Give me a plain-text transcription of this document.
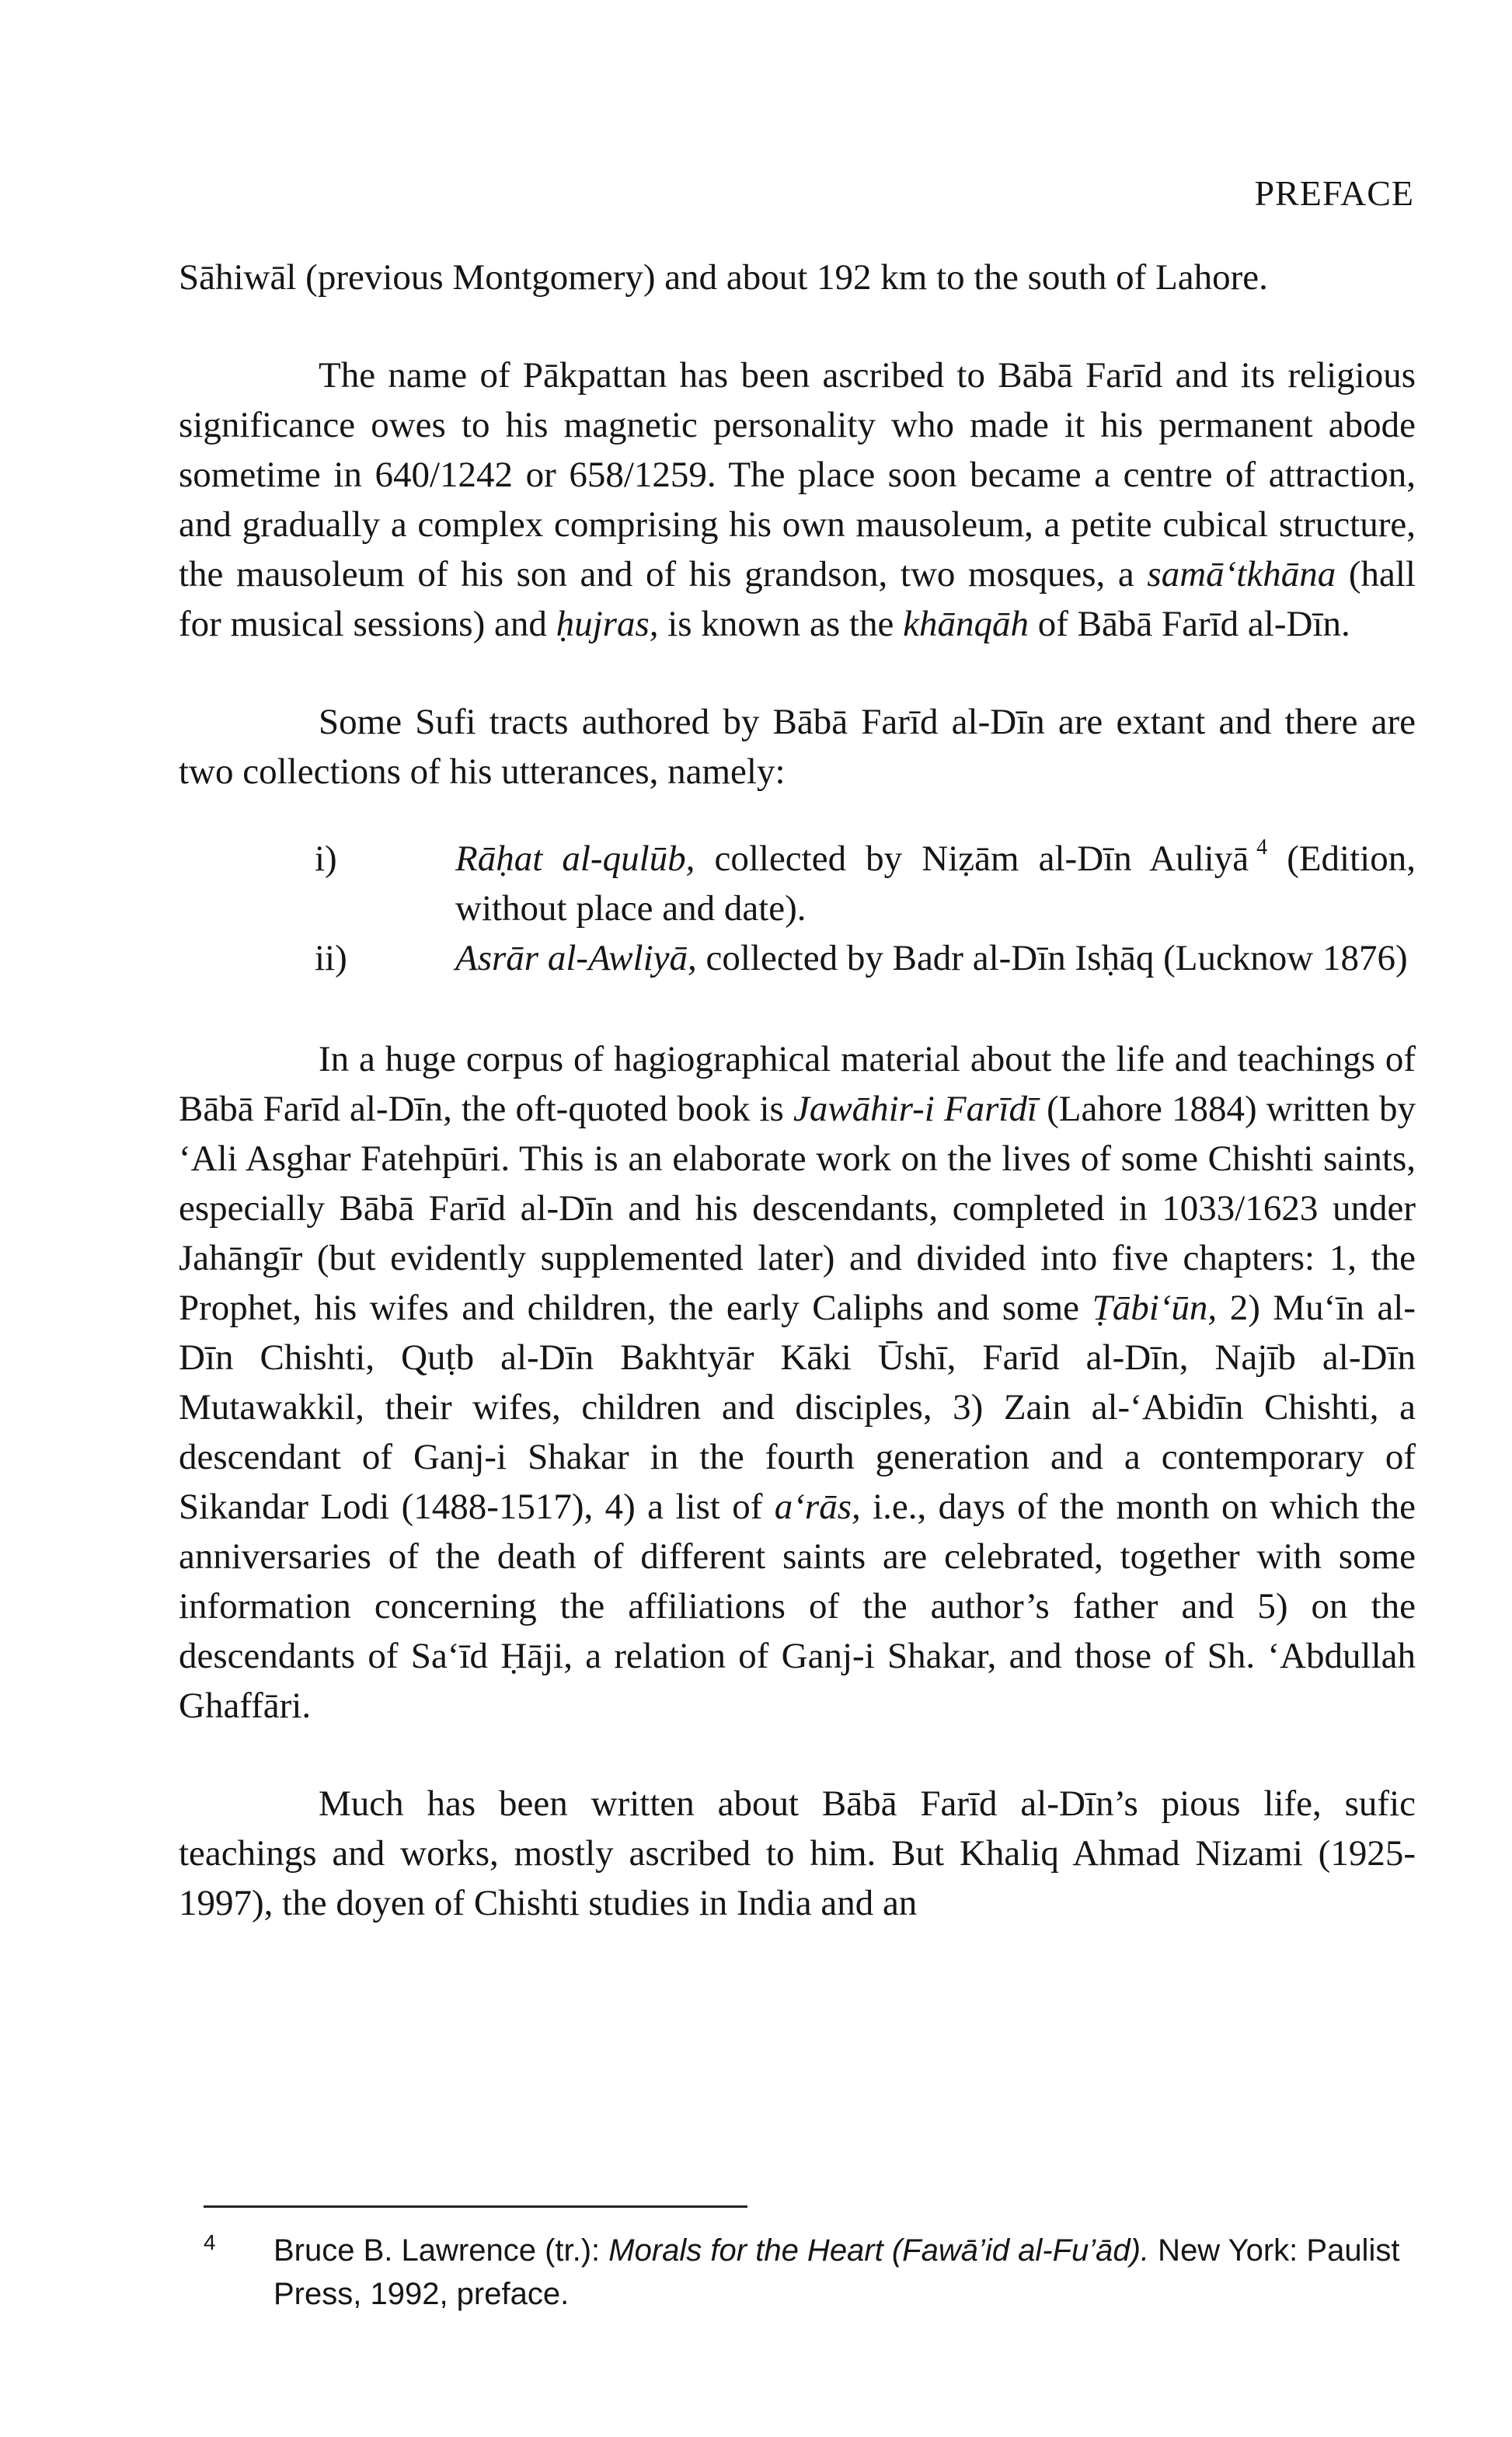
PREFACE

Sāhiwāl (previous Montgomery) and about 192 km to the south of Lahore.

The name of Pākpattan has been ascribed to Bābā Farīd and its religious significance owes to his magnetic personality who made it his permanent abode sometime in 640/1242 or 658/1259. The place soon became a centre of attraction, and gradually a complex comprising his own mausoleum, a petite cubical structure, the mausoleum of his son and of his grandson, two mosques, a samā‘tkhāna (hall for musical sessions) and ḥujras, is known as the khānqāh of Bābā Farīd al-Dīn.

Some Sufi tracts authored by Bābā Farīd al-Dīn are extant and there are two collections of his utterances, namely:

i)	Rāḥat al-qulūb, collected by Niẓām al-Dīn Auliyā $^4$ (Edition, without place and date).
ii)	Asrār al-Awliyā, collected by Badr al-Dīn Isḥāq (Lucknow 1876)

In a huge corpus of hagiographical material about the life and teachings of Bābā Farīd al-Dīn, the oft-quoted book is Jawāhir-i Farīdī (Lahore 1884) written by ‘Ali Asghar Fatehpūri. This is an elaborate work on the lives of some Chishti saints, especially Bābā Farīd al-Dīn and his descendants, completed in 1033/1623 under Jahāngīr (but evidently supplemented later) and divided into five chapters: 1, the Prophet, his wifes and children, the early Caliphs and some Ṭābi‘ūn, 2) Mu‘īn al-Dīn Chishti, Quṭb al-Dīn Bakhtyār Kāki Ūshī, Farīd al-Dīn, Najīb al-Dīn Mutawakkil, their wifes, children and disciples, 3) Zain al-‘Abidīn Chishti, a descendant of Ganj-i Shakar in the fourth generation and a contemporary of Sikandar Lodi (1488-1517), 4) a list of a‘rās, i.e., days of the month on which the anniversaries of the death of different saints are celebrated, together with some information concerning the affiliations of the author’s father and 5) on the descendants of Sa‘īd Ḥāji, a relation of Ganj-i Shakar, and those of Sh. ‘Abdullah Ghaffāri.

Much has been written about Bābā Farīd al-Dīn’s pious life, sufic teachings and works, mostly ascribed to him. But Khaliq Ahmad Nizami (1925-1997), the doyen of Chishti studies in India and an

4	Bruce B. Lawrence (tr.): Morals for the Heart (Fawā’id al-Fu’ād). New York: Paulist Press, 1992, preface.
